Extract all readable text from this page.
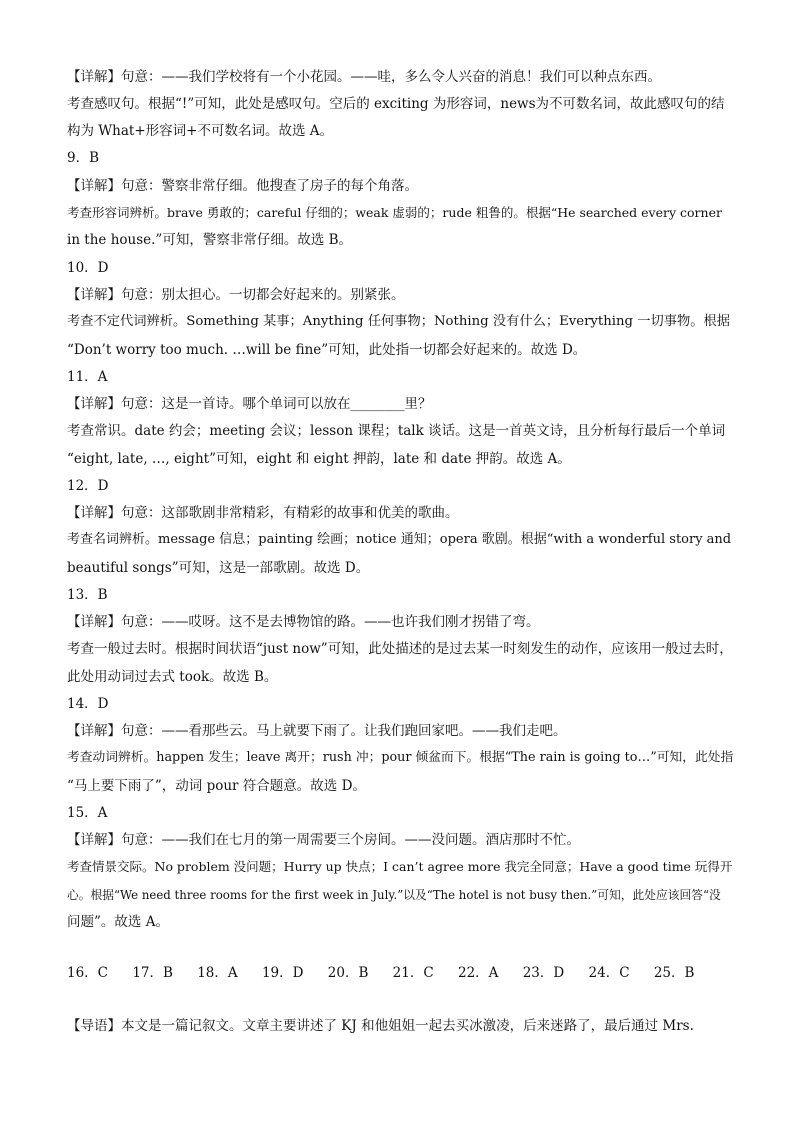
【详解】句意：——我们学校将有一个小花园。——哇，多么令人兴奋的消息！我们可以种点东西。
考查感叹句。根据“!”可知，此处是感叹句。空后的 exciting 为形容词，news为不可数名词，故此感叹句的结
构为 What+形容词+不可数名词。故选 A。
9．B
【详解】句意：警察非常仔细。他搜查了房子的每个角落。
考查形容词辨析。brave 勇敢的；careful 仔细的；weak 虚弱的；rude 粗鲁的。根据“He searched every corner
in the house.”可知，警察非常仔细。故选 B。
10．D
【详解】句意：别太担心。一切都会好起来的。别紧张。
考查不定代词辨析。Something 某事；Anything 任何事物；Nothing 没有什么；Everything 一切事物。根据
“Don’t worry too much. …will be fine”可知，此处指一切都会好起来的。故选 D。
11．A
【详解】句意：这是一首诗。哪个单词可以放在________里？
考查常识。date 约会；meeting 会议；lesson 课程；talk 谈话。这是一首英文诗，且分析每行最后一个单词
“eight, late, …, eight”可知，eight 和 eight 押韵，late 和 date 押韵。故选 A。
12．D
【详解】句意：这部歌剧非常精彩，有精彩的故事和优美的歌曲。
考查名词辨析。message 信息；painting 绘画；notice 通知；opera 歌剧。根据“with a wonderful story and
beautiful songs”可知，这是一部歌剧。故选 D。
13．B
【详解】句意：——哎呀。这不是去博物馆的路。——也许我们刚才拐错了弯。
考查一般过去时。根据时间状语“just now”可知，此处描述的是过去某一时刻发生的动作，应该用一般过去时，
此处用动词过去式 took。故选 B。
14．D
【详解】句意：——看那些云。马上就要下雨了。让我们跑回家吧。——我们走吧。
考查动词辨析。happen 发生；leave 离开；rush 冲；pour 倾盆而下。根据“The rain is going to…”可知，此处指
“马上要下雨了”，动词 pour 符合题意。故选 D。
15．A
【详解】句意：——我们在七月的第一周需要三个房间。——没问题。酒店那时不忙。
考查情景交际。No problem 没问题；Hurry up 快点；I can’t agree more 我完全同意；Have a good time 玩得开
心。根据“We need three rooms for the first week in July.”以及“The hotel is not busy then.”可知，此处应该回答“没
问题”。故选 A。
16．C 17．B 18．A 19．D 20．B 21．C 22．A 23．D 24．C 25．B
【导语】本文是一篇记叙文。文章主要讲述了 KJ 和他姐姐一起去买冰激凌，后来迷路了，最后通过 Mrs.
